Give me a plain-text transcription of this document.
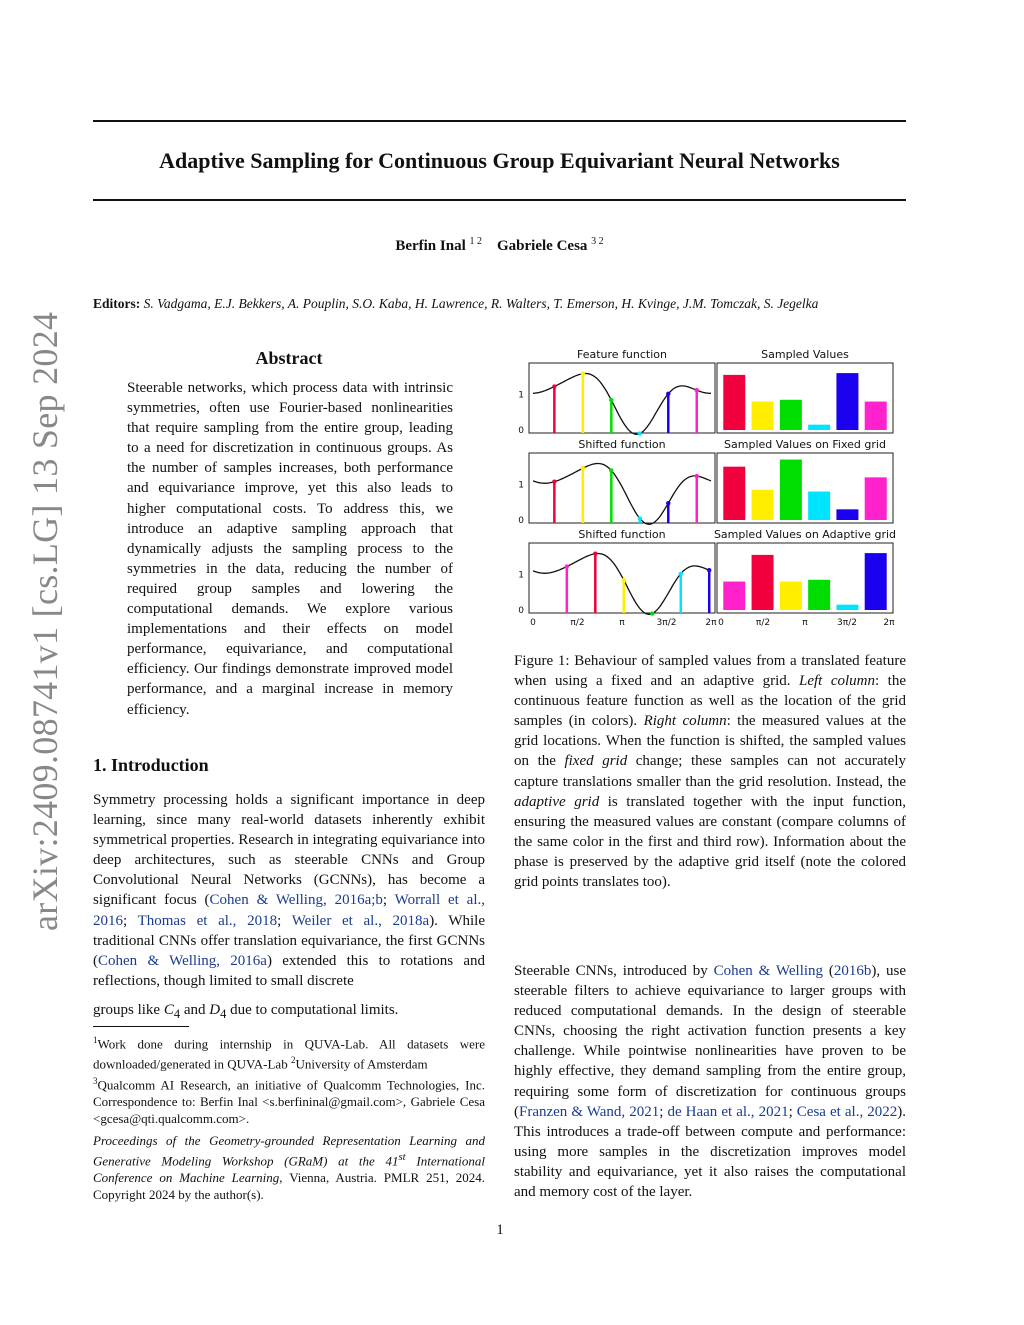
Adaptive Sampling for Continuous Group Equivariant Neural Networks
Berfin Inal $^{1 2}$ Gabriele Cesa $^{3 2}$
Editors: S. Vadgama, E.J. Bekkers, A. Pouplin, S.O. Kaba, H. Lawrence, R. Walters, T. Emerson, H. Kvinge, J.M. Tomczak, S. Jegelka
arXiv:2409.08741v1 [cs.LG] 13 Sep 2024	Abstract
Steerable networks, which process data with intrinsic symmetries, often use Fourier-based nonlinearities that require sampling from the entire group, leading to a need for discretization in continuous groups. As the number of samples increases, both performance and equivariance improve, yet this also leads to higher computational costs. To address this, we introduce an adaptive sampling approach that dynamically adjusts the sampling process to the symmetries in the data, reducing the number of required group samples and lowering the computational demands. We explore various implementations and their effects on model performance, equivariance, and computational efficiency. Our findings demonstrate improved model performance, and a marginal increase in memory efficiency.
1. Introduction
Symmetry processing holds a significant importance in deep learning, since many real-world datasets inherently exhibit symmetrical properties. Research in integrating equivariance into deep architectures, such as steerable CNNs and Group Convolutional Neural Networks (GCNNs), has become a significant focus (Cohen & Welling, 2016a;b; Worrall et al., 2016; Thomas et al., 2018; Weiler et al., 2018a). While traditional CNNs offer translation equivariance, the first GCNNs (Cohen & Welling, 2016a) extended this to rotations and reflections, though limited to small discrete
groups like $C_4$ and $D_4$ due to computational limits.
$^1$Work done during internship in QUVA-Lab. All datasets were downloaded/generated in QUVA-Lab $^2$University of Amsterdam
$^3$Qualcomm AI Research, an initiative of Qualcomm Technologies, Inc. Correspondence to: Berfin Inal <s.berfininal@gmail.com>, Gabriele Cesa <gcesa@qti.qualcomm.com>.
Proceedings of the Geometry-grounded Representation Learning and Generative Modeling Workshop (GRaM) at the 41st International Conference on Machine Learning, Vienna, Austria. PMLR 251, 2024. Copyright 2024 by the author(s).
Feature function	Sampled Values
0
1
Shifted function	Sampled Values on Fixed grid
0
1
Shifted function	Sampled Values on Adaptive grid
0
1
0	0
π/2	π/2
π	π
3π/2	3π/2
2π	2π
Figure 1: Behaviour of sampled values from a translated feature when using a fixed and an adaptive grid. Left column: the continuous feature function as well as the location of the grid samples (in colors). Right column: the measured values at the grid locations. When the function is shifted, the sampled values on the fixed grid change; these samples can not accurately capture translations smaller than the grid resolution. Instead, the adaptive grid is translated together with the input function, ensuring the measured values are constant (compare columns of the same color in the first and third row). Information about the phase is preserved by the adaptive grid itself (note the colored grid points translates too).
Steerable CNNs, introduced by Cohen & Welling (2016b), use steerable filters to achieve equivariance to larger groups with reduced computational demands. In the design of steerable CNNs, choosing the right activation function presents a key challenge. While pointwise nonlinearities have proven to be highly effective, they demand sampling from the entire group, requiring some form of discretization for continuous groups (Franzen & Wand, 2021; de Haan et al., 2021; Cesa et al., 2022). This introduces a trade-off between compute and performance: using more samples in the discretization improves model stability and equivariance, yet it also raises the computational and memory cost of the layer.
1
